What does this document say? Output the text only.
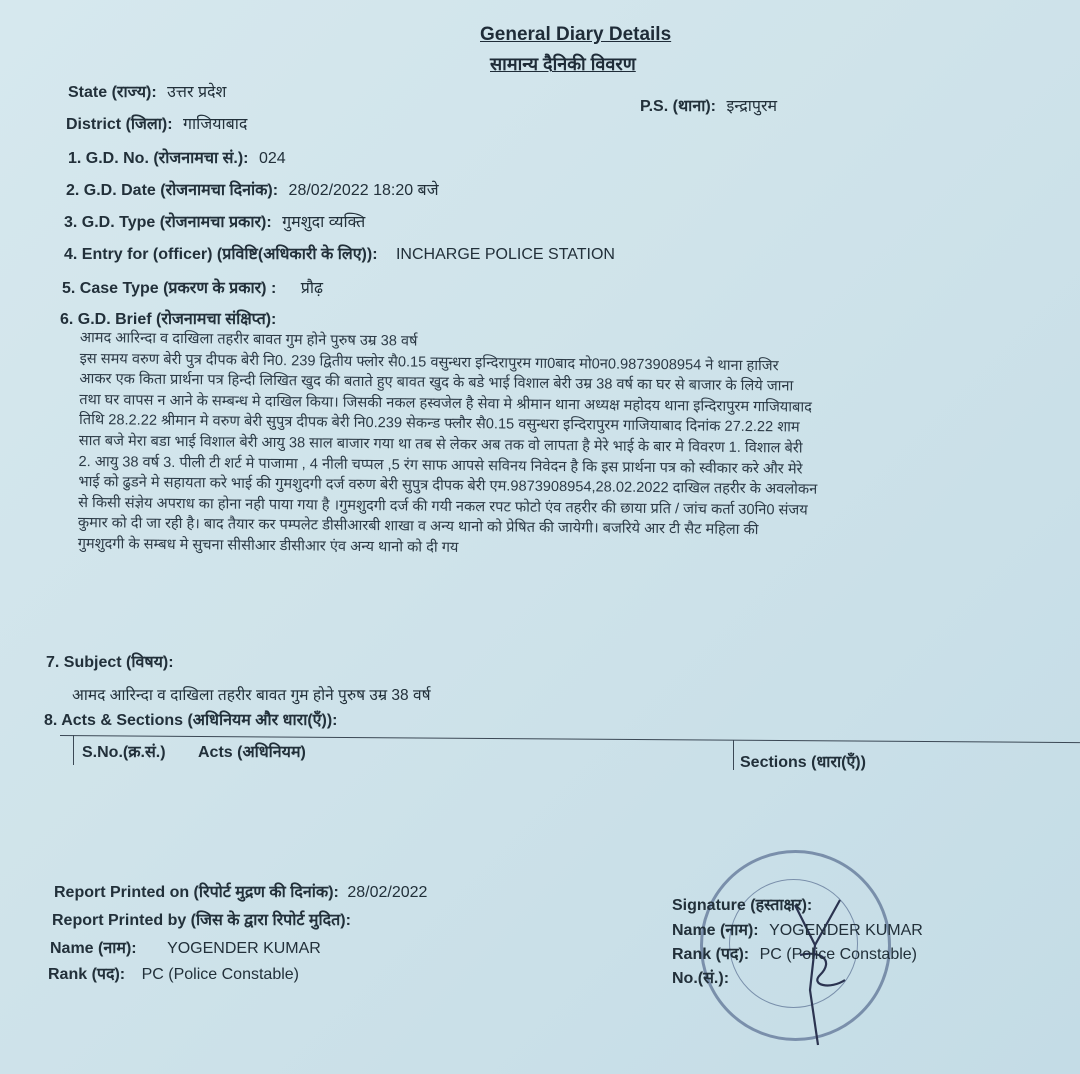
General Diary Details
सामान्य दैनिकी विवरण
State (राज्य): उत्तर प्रदेश
P.S. (थाना): इन्द्रापुरम
District (जिला): गाजियाबाद
1. G.D. No. (रोजनामचा सं.): 024
2. G.D. Date (रोजनामचा दिनांक): 28/02/2022 18:20 बजे
3. G.D. Type (रोजनामचा प्रकार): गुमशुदा व्यक्ति
4. Entry for (officer) (प्रविष्टि(अधिकारी के लिए)): INCHARGE POLICE STATION
5. Case Type (प्रकरण के प्रकार) : प्रौढ़
6. G.D. Brief (रोजनामचा संक्षिप्त):
आमद आरिन्दा व दाखिला तहरीर बावत गुम होने पुरुष उम्र 38 वर्ष
इस समय वरुण बेरी पुत्र दीपक बेरी नि0. 239 द्वितीय फ्लोर सै0.15 वसुन्धरा इन्दिरापुरम गा0बाद मो0न0.9873908954 ने थाना हाजिर
आकर एक किता प्रार्थना पत्र हिन्दी लिखित खुद की बताते हुए बावत खुद के बडे भाई विशाल बेरी उम्र 38 वर्ष का घर से बाजार के लिये जाना
तथा घर वापस न आने के सम्बन्ध मे दाखिल किया। जिसकी नकल हस्वजेल है सेवा मे श्रीमान थाना अध्यक्ष महोदय थाना इन्दिरापुरम गाजियाबाद
तिथि 28.2.22 श्रीमान मे वरुण बेरी सुपुत्र दीपक बेरी नि0.239 सेकन्ड फ्लौर सै0.15 वसुन्धरा इन्दिरापुरम गाजियाबाद दिनांक 27.2.22 शाम
सात बजे मेरा बडा भाई विशाल बेरी आयु 38 साल बाजार गया था तब से लेकर अब तक वो लापता है मेरे भाई के बार मे विवरण 1. विशाल बेरी
2. आयु 38 वर्ष 3. पीली टी शर्ट मे पाजामा , 4 नीली चप्पल ,5 रंग साफ आपसे सविनय निवेदन है कि इस प्रार्थना पत्र को स्वीकार करे और मेरे
भाई को ढुडने मे सहायता करे भाई की गुमशुदगी दर्ज वरुण बेरी सुपुत्र दीपक बेरी एम.9873908954,28.02.2022 दाखिल तहरीर के अवलोकन
से किसी संज्ञेय अपराध का होना नही पाया गया है ।गुमशुदगी दर्ज की गयी नकल रपट फोटो एंव तहरीर की छाया प्रति / जांच कर्ता उ0नि0 संजय
कुमार को दी जा रही है। बाद तैयार कर पम्पलेट डीसीआरबी शाखा व अन्य थानो को प्रेषित की जायेगी। बजरिये आर टी सैट महिला की
गुमशुदगी के सम्बध मे सुचना सीसीआर डीसीआर एंव अन्य थानो को दी गय
7. Subject (विषय):
आमद आरिन्दा व दाखिला तहरीर बावत गुम होने पुरुष उम्र 38 वर्ष
8. Acts & Sections (अधिनियम और धारा(एँ)):
S.No.(क्र.सं.) Acts (अधिनियम)
Sections (धारा(एँ))
Report Printed on (रिपोर्ट मुद्रण की दिनांक): 28/02/2022
Report Printed by (जिस के द्वारा रिपोर्ट मुदित):
Name (नाम): YOGENDER KUMAR
Rank (पद): PC (Police Constable)
Signature (हस्ताक्षर):
Name (नाम): YOGENDER KUMAR
Rank (पद): PC (Police Constable)
No.(सं.):
